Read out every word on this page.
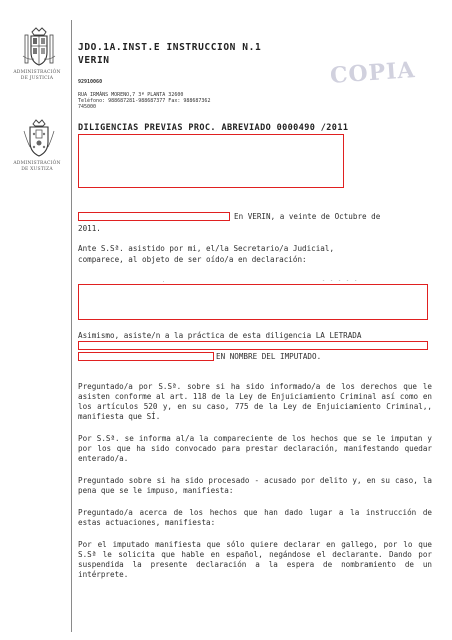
ADMINISTRACIÓN
DE JUSTICIA
ADMINISTRACIÓN
DE XUSTIZA
JDO.1A.INST.E INSTRUCCION N.1
VERIN	COPIA
92910060
RUA IRMÁNS MORENO,7 3ª PLANTA 32600
Teléfono: 988687281-988687377 Fax: 988687362
745000
DILIGENCIAS PREVIAS PROC. ABREVIADO 0000490 /2011
En VERIN, a veinte de Octubre de
2011.
Ante S.Sª. asistido por mi, el/la Secretario/a Judicial,
comparece, al objeto de ser oído/a en declaración:
.	- - - - -
Asimismo, asiste/n a la práctica de esta diligencia LA LETRADA
EN NOMBRE DEL IMPUTADO.
Preguntado/a por S.Sª. sobre si ha sido informado/a de los derechos que le asisten conforme al art. 118 de la Ley de Enjuiciamiento Criminal así como en los artículos 520 y, en su caso, 775 de la Ley de Enjuiciamiento Criminal,, manifiesta que SÍ.
Por S.Sª. se informa al/a la compareciente de los hechos que se le imputan y por los que ha sido convocado para prestar declaración, manifestando quedar enterado/a.
Preguntado sobre si ha sido procesado - acusado por delito y, en su caso, la pena que se le impuso, manifiesta:
Preguntado/a acerca de los hechos que han dado lugar a la instrucción de estas actuaciones, manifiesta:
Por el imputado manifiesta que sólo quiere declarar en gallego, por lo que S.Sª le solicita que hable en español, negándose el declarante. Dando por suspendida la presente declaración a la espera de nombramiento de un intérprete.
